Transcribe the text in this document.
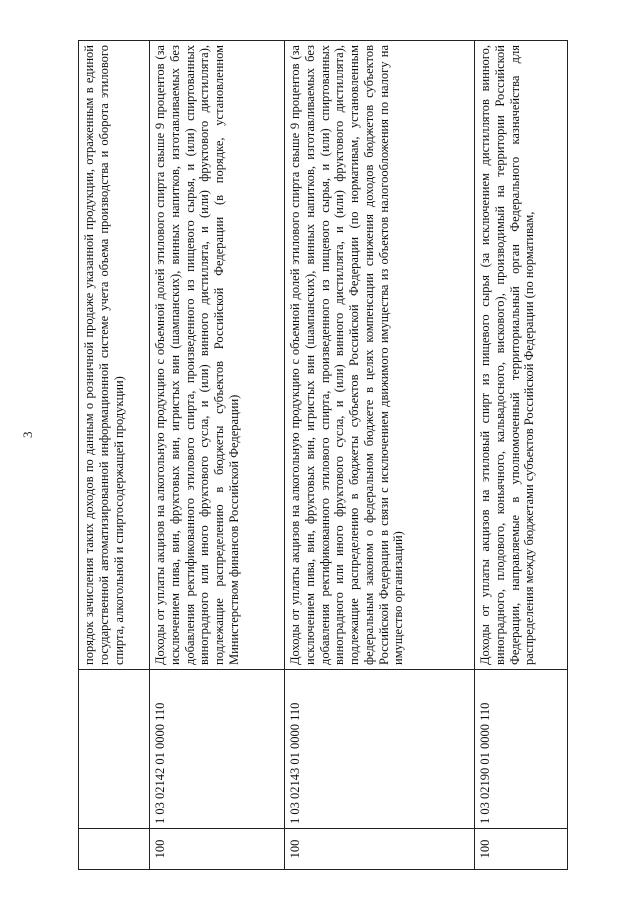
3
			порядок зачисления таких доходов по данным о розничной продаже указанной продукции, отраженным в единой государственной автоматизированной информационной системе учета объема производства и оборота этилового спирта, алкогольной и спиртосодержащей продукции)
100	1 03 02142 01 0000 110	Доходы от уплаты акцизов на алкогольную продукцию с объемной долей этилового спирта свыше 9 процентов (за исключением пива, вин, фруктовых вин, игристых вин (шампанских), винных напитков, изготавливаемых без добавления ректификованного этилового спирта, произведенного из пищевого сырья, и (или) спиртованных виноградного или иного фруктового сусла, и (или) винного дистиллята, и (или) фруктового дистиллята), подлежащие распределению в бюджеты субъектов Российской Федерации (в порядке, установленном Министерством финансов Российской Федерации)
100	1 03 02143 01 0000 110	Доходы от уплаты акцизов на алкогольную продукцию с объемной долей этилового спирта свыше 9 процентов (за исключением пива, вин, фруктовых вин, игристых вин (шампанских), винных напитков, изготавливаемых без добавления ректификованного этилового спирта, произведенного из пищевого сырья, и (или) спиртованных виноградного или иного фруктового сусла, и (или) винного дистиллята, и (или) фруктового дистиллята), подлежащие распределению в бюджеты субъектов Российской Федерации (по нормативам, установленным федеральным законом о федеральном бюджете в целях компенсации снижения доходов бюджетов субъектов Российской Федерации в связи с исключением движимого имущества из объектов налогообложения по налогу на имущество организаций)
100	1 03 02190 01 0000 110	Доходы от уплаты акцизов на этиловый спирт из пищевого сырья (за исключением дистиллятов винного, виноградного, плодового, коньячного, кальвадосного, вискового), производимый на территории Российской Федерации, направляемые в уполномоченный территориальный орган Федерального казначейства для распределения между бюджетами субъектов Российской Федерации (по нормативам,
